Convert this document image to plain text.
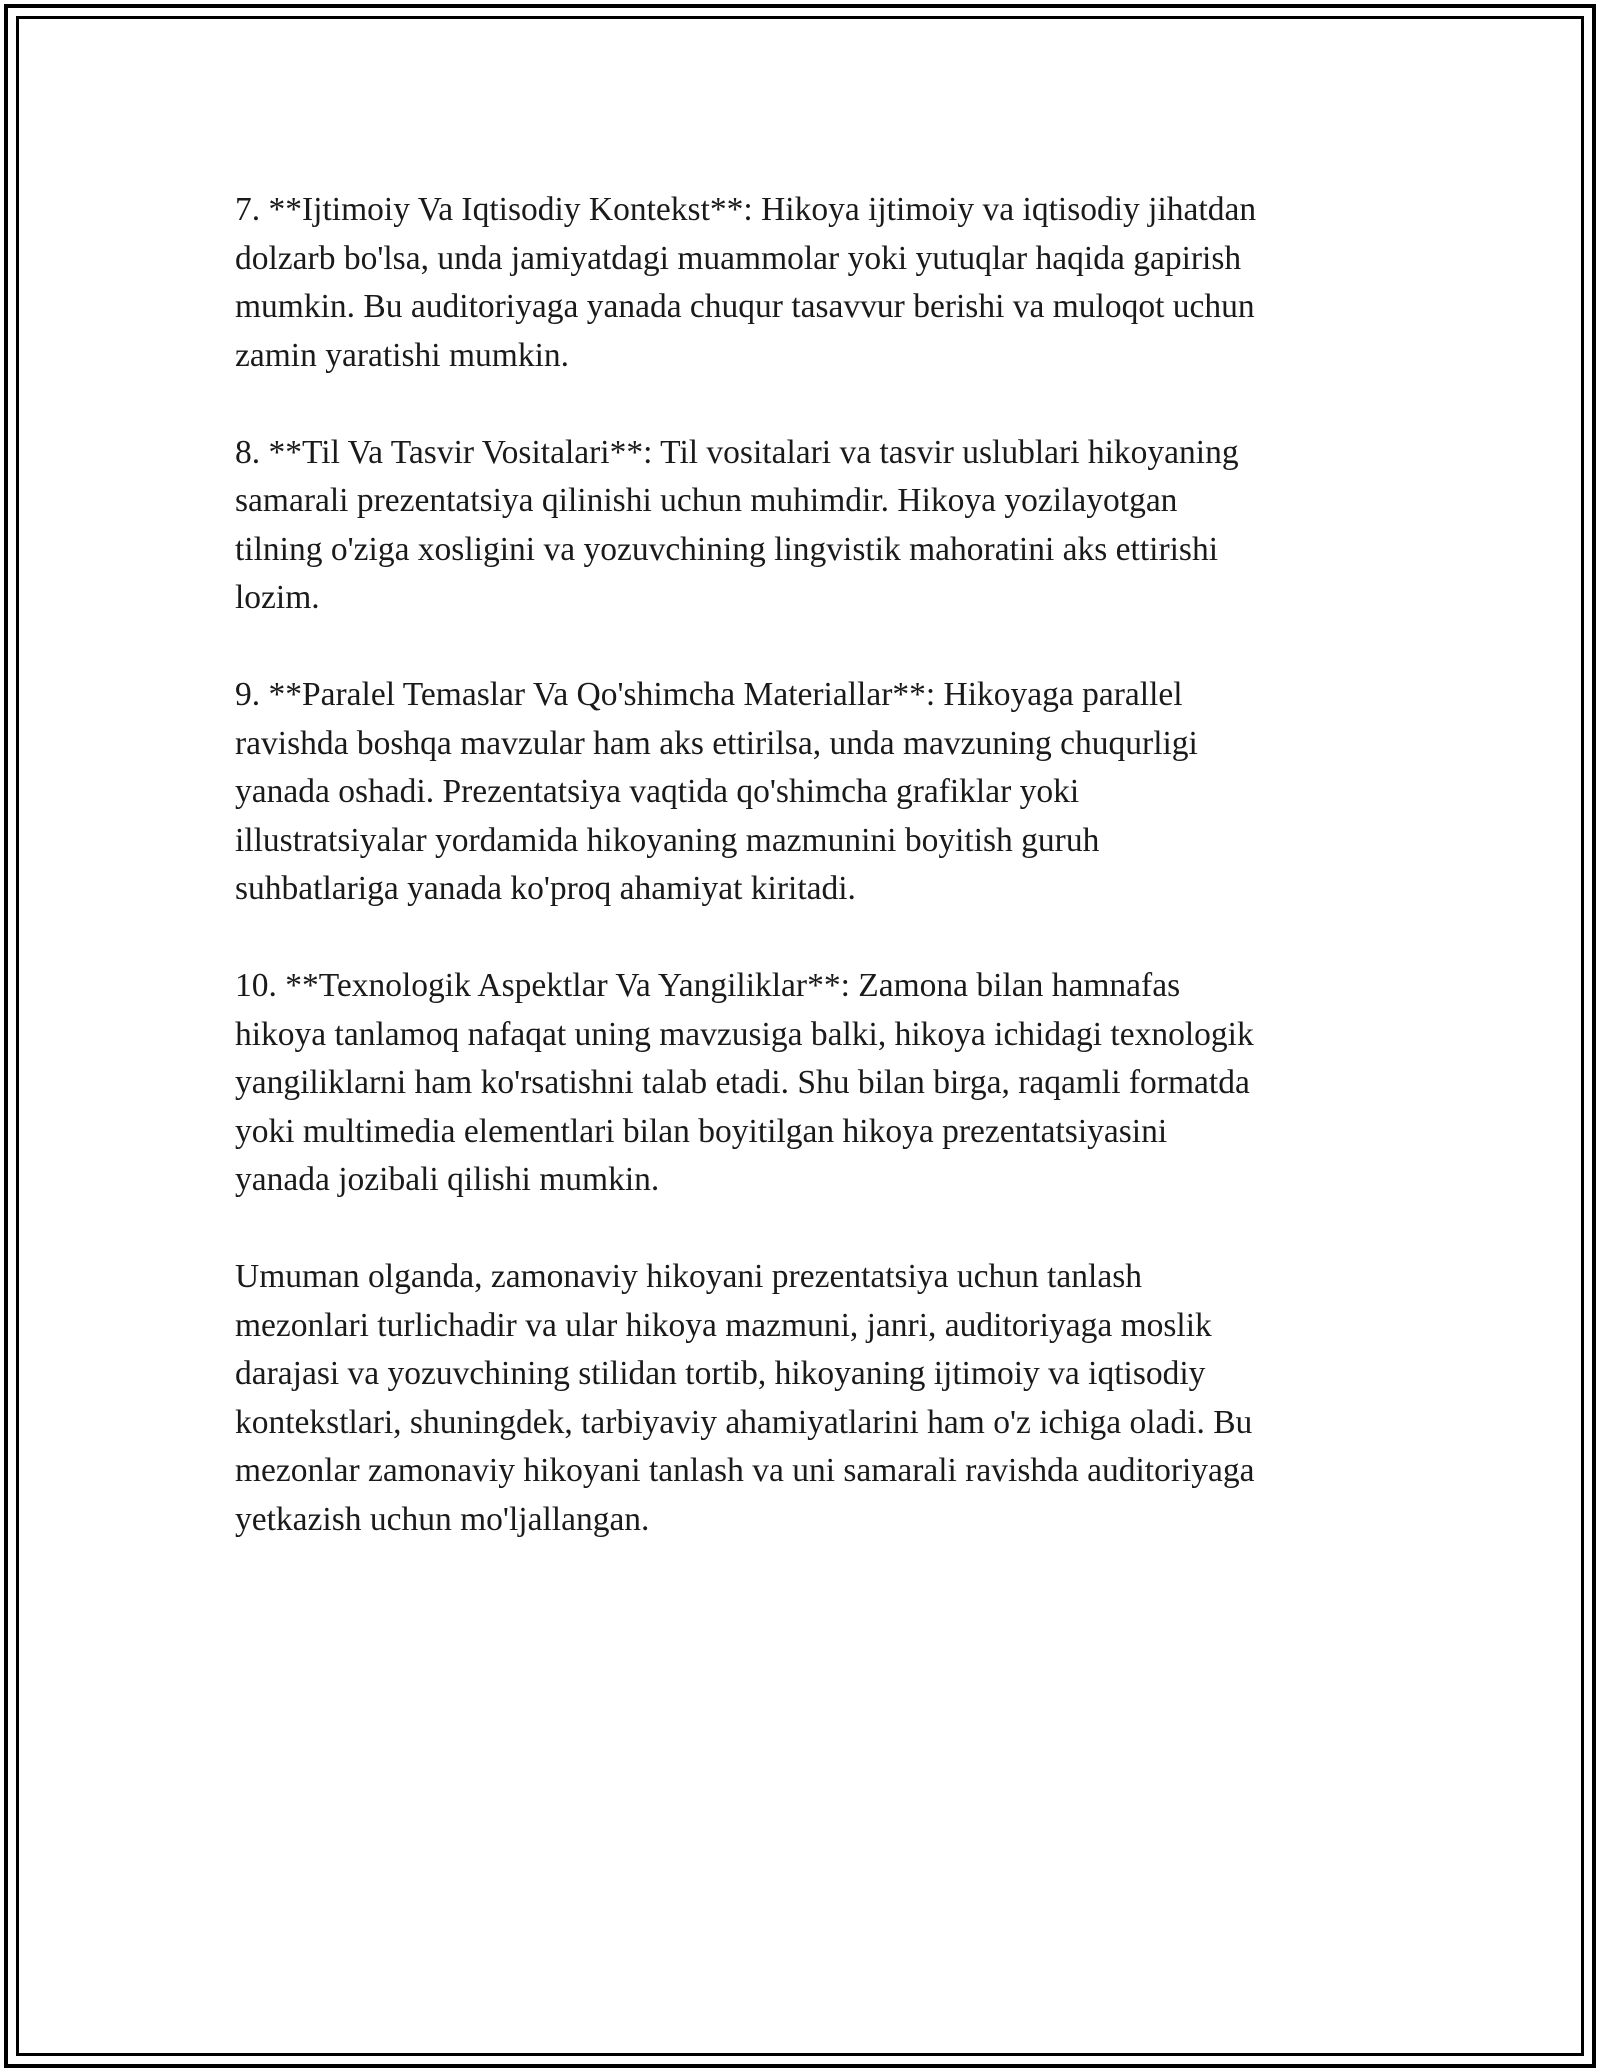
7. **Ijtimoiy Va Iqtisodiy Kontekst**: Hikoya ijtimoiy va iqtisodiy jihatdan
dolzarb bo'lsa, unda jamiyatdagi muammolar yoki yutuqlar haqida gapirish
mumkin. Bu auditoriyaga yanada chuqur tasavvur berishi va muloqot uchun
zamin yaratishi mumkin.

8. **Til Va Tasvir Vositalari**: Til vositalari va tasvir uslublari hikoyaning
samarali prezentatsiya qilinishi uchun muhimdir. Hikoya yozilayotgan
tilning o'ziga xosligini va yozuvchining lingvistik mahoratini aks ettirishi
lozim.

9. **Paralel Temaslar Va Qo'shimcha Materiallar**: Hikoyaga parallel
ravishda boshqa mavzular ham aks ettirilsa, unda mavzuning chuqurligi
yanada oshadi. Prezentatsiya vaqtida qo'shimcha grafiklar yoki
illustratsiyalar yordamida hikoyaning mazmunini boyitish guruh
suhbatlariga yanada ko'proq ahamiyat kiritadi.

10. **Texnologik Aspektlar Va Yangiliklar**: Zamona bilan hamnafas
hikoya tanlamoq nafaqat uning mavzusiga balki, hikoya ichidagi texnologik
yangiliklarni ham ko'rsatishni talab etadi. Shu bilan birga, raqamli formatda
yoki multimedia elementlari bilan boyitilgan hikoya prezentatsiyasini
yanada jozibali qilishi mumkin.

Umuman olganda, zamonaviy hikoyani prezentatsiya uchun tanlash
mezonlari turlichadir va ular hikoya mazmuni, janri, auditoriyaga moslik
darajasi va yozuvchining stilidan tortib, hikoyaning ijtimoiy va iqtisodiy
kontekstlari, shuningdek, tarbiyaviy ahamiyatlarini ham o'z ichiga oladi. Bu
mezonlar zamonaviy hikoyani tanlash va uni samarali ravishda auditoriyaga
yetkazish uchun mo'ljallangan.
